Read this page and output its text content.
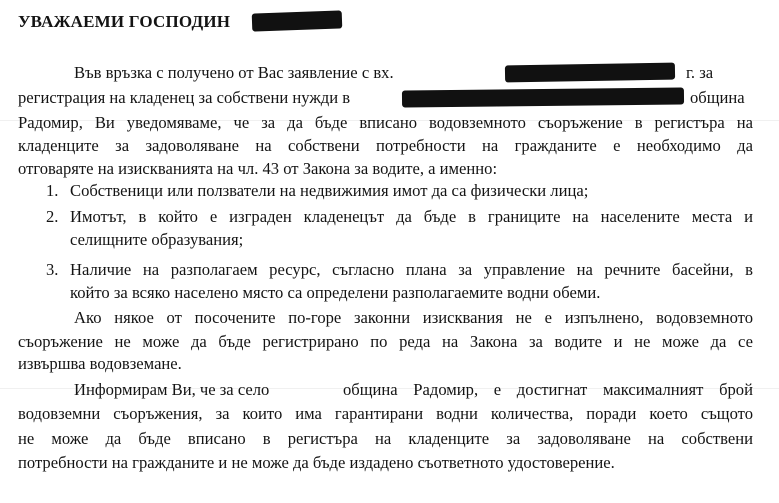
УВАЖАЕМИ ГОСПОДИН
Във връзка с получено от Вас заявление с вх.	г. за
регистрация на кладенец за собствени нужди в	община
Радомир, Ви уведомяваме, че за да бъде вписано водовземното съоръжение в регистъра на
кладенците за задоволяване на собствени потребности на гражданите е необходимо да
отговаряте на изискванията на чл. 43 от Закона за водите, а именно:
1. Собственици или ползватели на недвижимия имот да са физически лица;
2. Имотът, в който е изграден кладенецът да бъде в границите на населените места и
селищните образувания;
3. Наличие на разполагаем ресурс, съгласно плана за управление на речните басейни, в
който за всяко населено място са определени разполагаемите водни обеми.
Ако някое от посочените по-горе законни изисквания не е изпълнено, водовземното
съоръжение не може да бъде регистрирано по реда на Закона за водите и не може да се
извършва водовземане.
Информирам Ви, че за село	община Радомир, е достигнат максималният брой
водовземни съоръжения, за които има гарантирани водни количества, поради което същото
не може да бъде вписано в регистъра на кладенците за задоволяване на собствени
потребности на гражданите и не може да бъде издадено съответното удостоверение.
